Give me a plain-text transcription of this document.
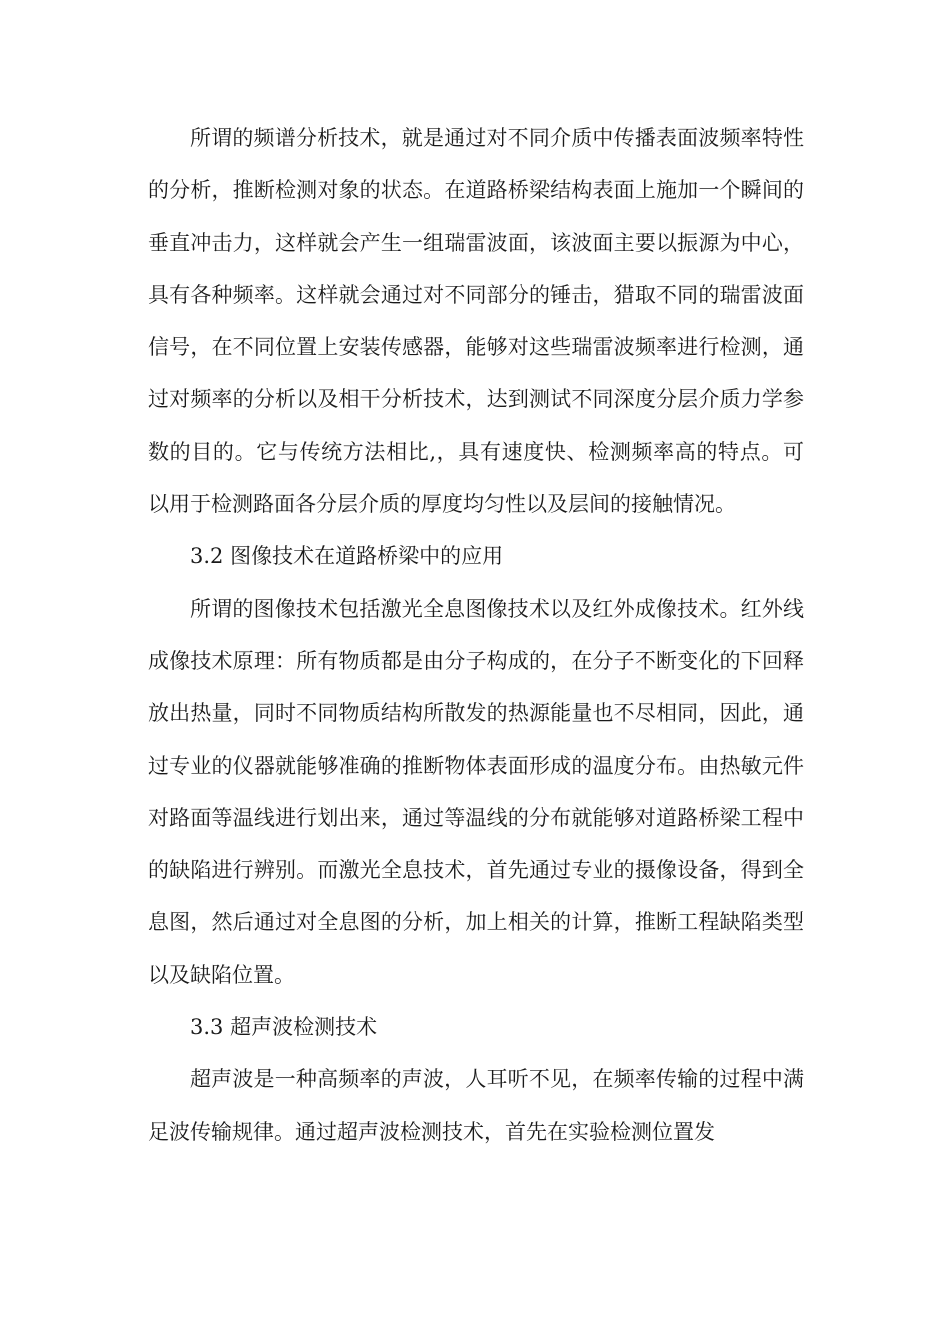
所谓的频谱分析技术，就是通过对不同介质中传播表面波频率特性的分析，推断检测对象的状态。在道路桥梁结构表面上施加一个瞬间的垂直冲击力，这样就会产生一组瑞雷波面，该波面主要以振源为中心，具有各种频率。这样就会通过对不同部分的锤击，猎取不同的瑞雷波面信号，在不同位置上安装传感器，能够对这些瑞雷波频率进行检测，通过对频率的分析以及相干分析技术，达到测试不同深度分层介质力学参数的目的。它与传统方法相比,，具有速度快、检测频率高的特点。可以用于检测路面各分层介质的厚度均匀性以及层间的接触情况。

3.2 图像技术在道路桥梁中的应用

所谓的图像技术包括激光全息图像技术以及红外成像技术。红外线成像技术原理：所有物质都是由分子构成的，在分子不断变化的下回释放出热量，同时不同物质结构所散发的热源能量也不尽相同，因此，通过专业的仪器就能够准确的推断物体表面形成的温度分布。由热敏元件对路面等温线进行划出来，通过等温线的分布就能够对道路桥梁工程中的缺陷进行辨别。而激光全息技术，首先通过专业的摄像设备，得到全息图，然后通过对全息图的分析，加上相关的计算，推断工程缺陷类型以及缺陷位置。

3.3 超声波检测技术

超声波是一种高频率的声波，人耳听不见，在频率传输的过程中满足波传输规律。通过超声波检测技术，首先在实验检测位置发
